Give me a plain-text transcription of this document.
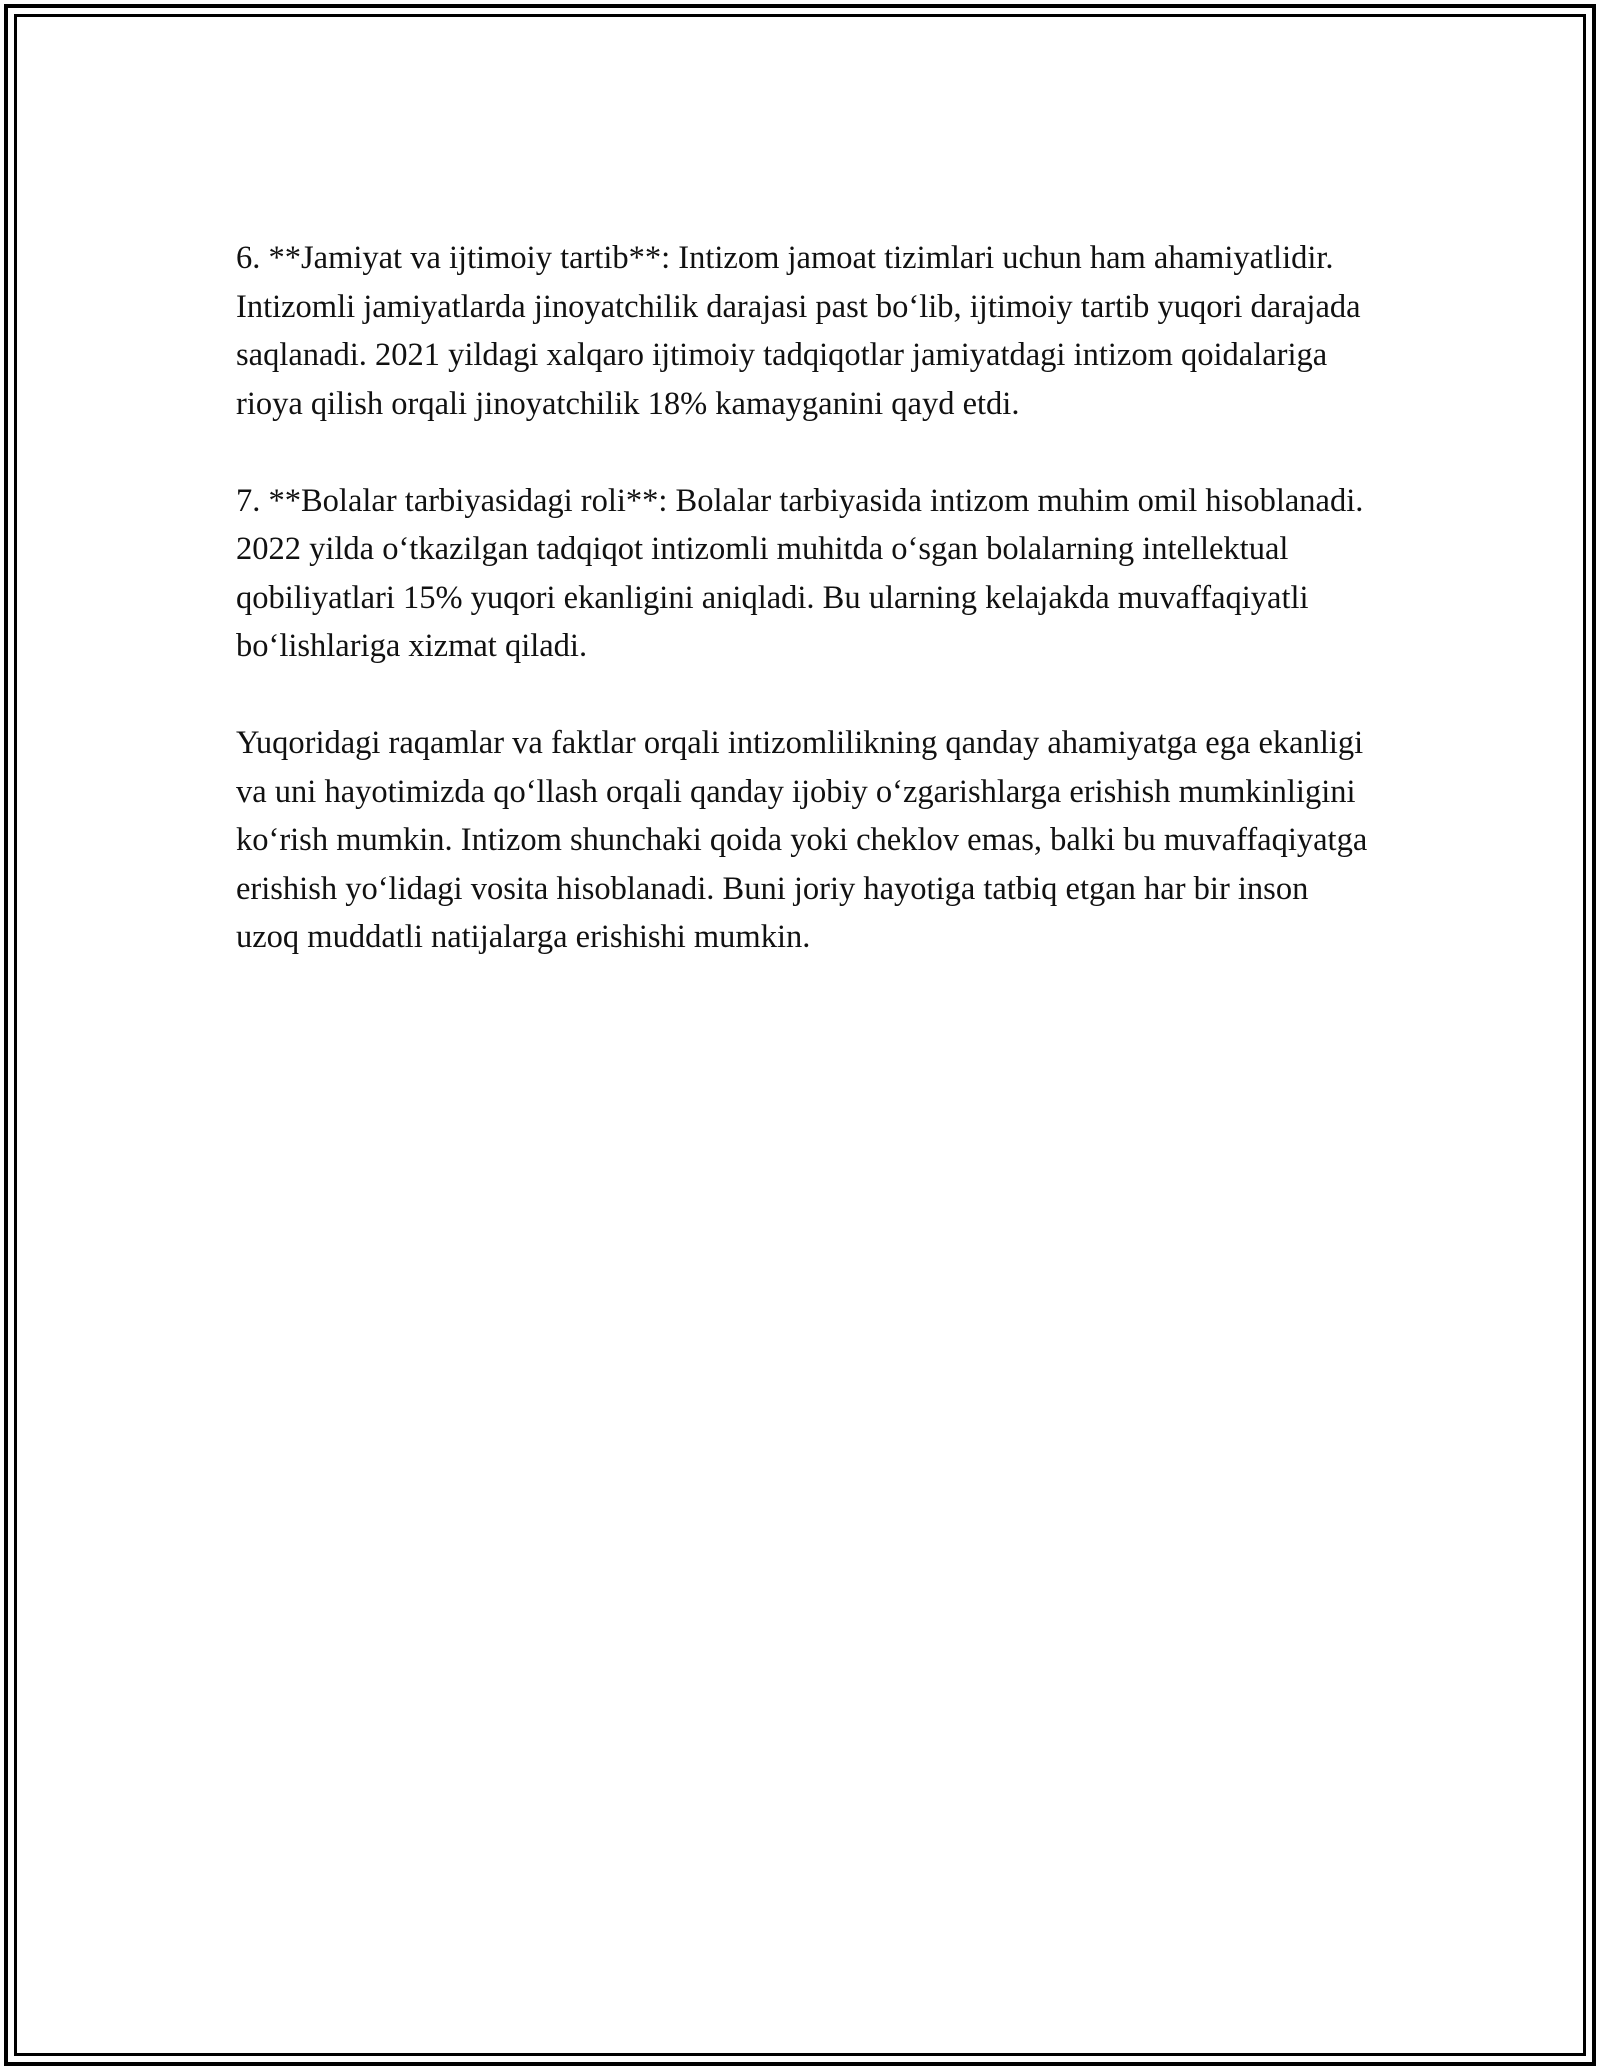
6. **Jamiyat va ijtimoiy tartib**: Intizom jamoat tizimlari uchun ham ahamiyatlidir. Intizomli jamiyatlarda jinoyatchilik darajasi past bo‘lib, ijtimoiy tartib yuqori darajada saqlanadi. 2021 yildagi xalqaro ijtimoiy tadqiqotlar jamiyatdagi intizom qoidalariga rioya qilish orqali jinoyatchilik 18% kamayganini qayd etdi.

7. **Bolalar tarbiyasidagi roli**: Bolalar tarbiyasida intizom muhim omil hisoblanadi. 2022 yilda o‘tkazilgan tadqiqot intizomli muhitda o‘sgan bolalarning intellektual qobiliyatlari 15% yuqori ekanligini aniqladi. Bu ularning kelajakda muvaffaqiyatli bo‘lishlariga xizmat qiladi.

Yuqoridagi raqamlar va faktlar orqali intizomlilikning qanday ahamiyatga ega ekanligi va uni hayotimizda qo‘llash orqali qanday ijobiy o‘zgarishlarga erishish mumkinligini ko‘rish mumkin. Intizom shunchaki qoida yoki cheklov emas, balki bu muvaffaqiyatga erishish yo‘lidagi vosita hisoblanadi. Buni joriy hayotiga tatbiq etgan har bir inson uzoq muddatli natijalarga erishishi mumkin.
